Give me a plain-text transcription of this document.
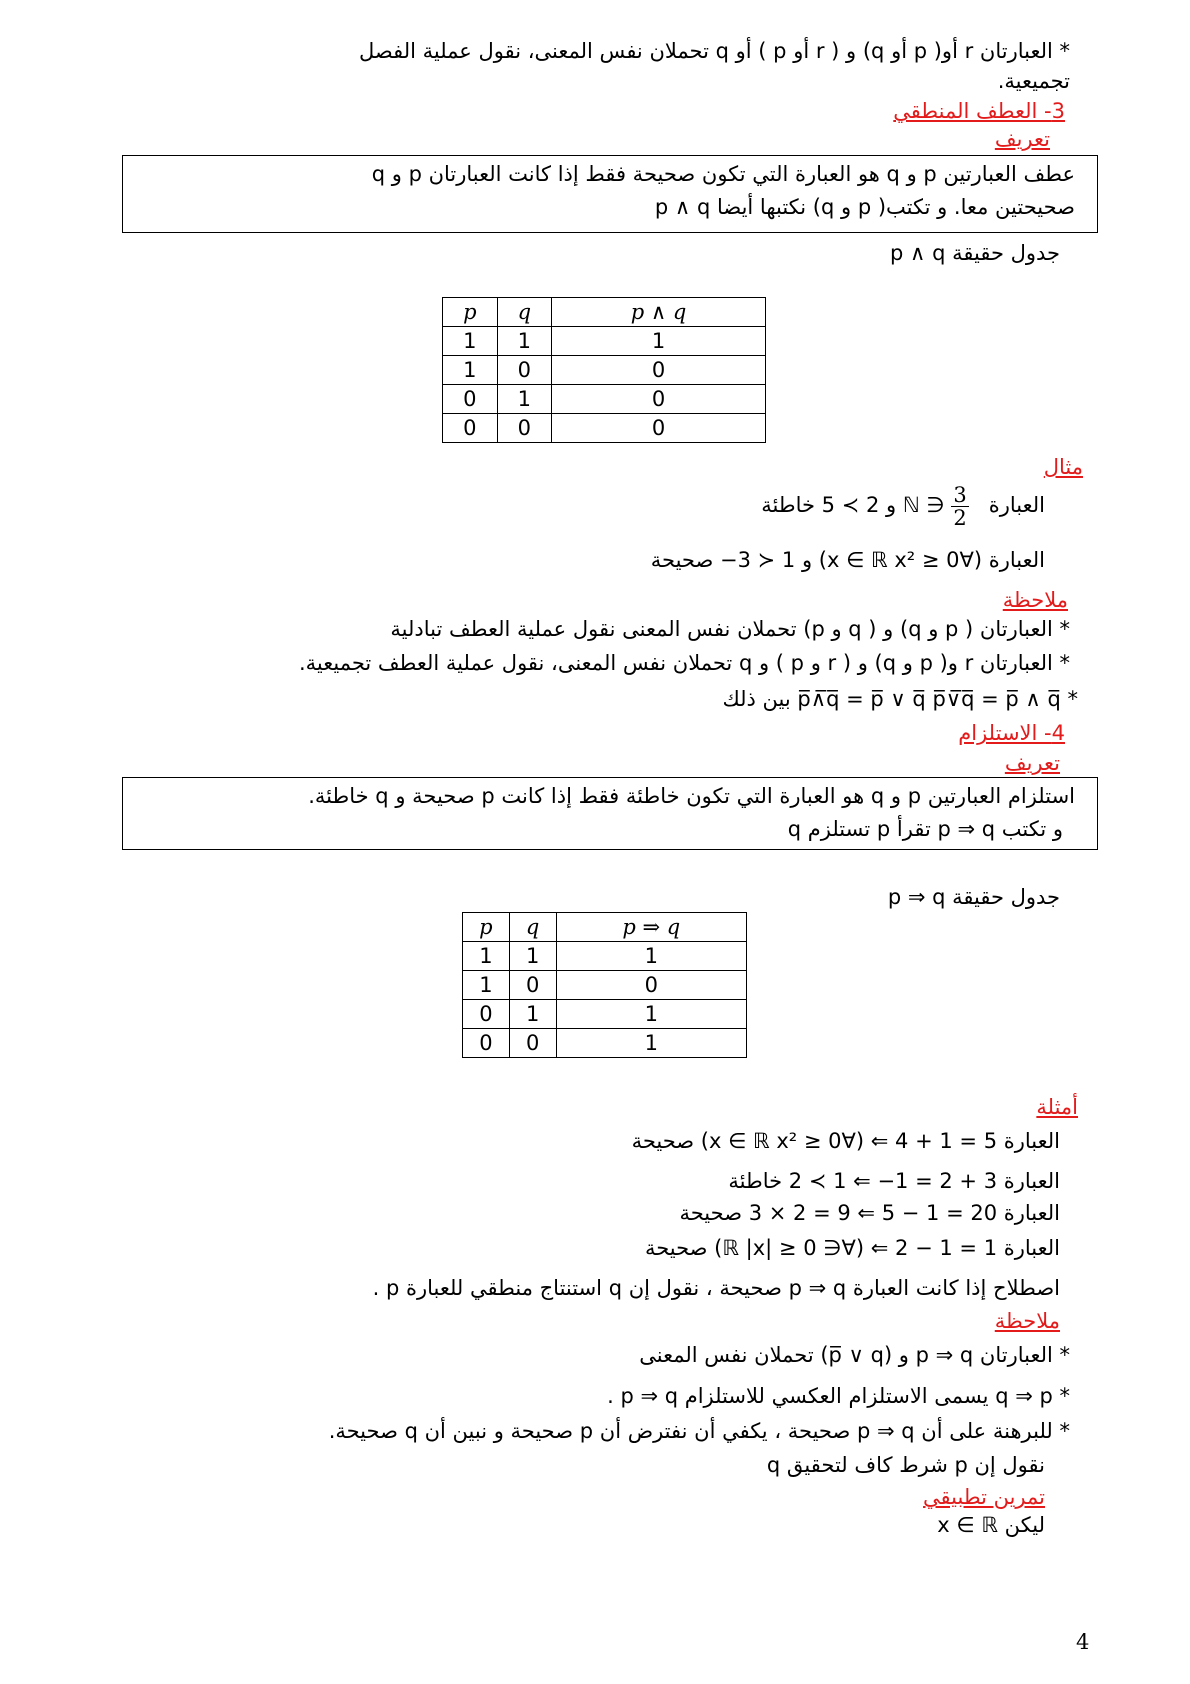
* العبارتان r أو( p أو q) و ( r أو p ) أو q تحملان نفس المعنى، نقول عملية الفصل
تجميعية.
3- العطف المنطقي
تعريف
عطف العبارتين p و q هو العبارة التي تكون صحيحة فقط إذا كانت العبارتان p و q
صحيحتين معا. و تكتب( p و q) نكتبها أيضا p ∧ q
جدول حقيقة p ∧ q
p	q	p ∧ q
1	1	1
1	0	0
0	1	0
0	0	0
مثال
العبارة
$\frac{3}{2}$
∈ ℕ و 2 ≻ 5 خاطئة
العبارة (∀x ∈ ℝ x² ≥ 0) و 1 ≺ 3− صحيحة
ملاحظة
* العبارتان ( p و q) و ( q و p) تحملان نفس المعنى نقول عملية العطف تبادلية
* العبارتان r و( p و q) و ( r و p ) و q تحملان نفس المعنى، نقول عملية العطف تجميعية.
* p̅∧̅q̅ = p̅ ∨ q̅ p̅∨̅q̅ = p̅ ∧ q̅ بين ذلك
4- الاستلزام
تعريف
استلزام العبارتين p و q هو العبارة التي تكون خاطئة فقط إذا كانت p صحيحة و q خاطئة.
و تكتب p ⇒ q تقرأ p تستلزم q
جدول حقيقة p ⇒ q
p	q	p ⇒ q
1	1	1
1	0	0
0	1	1
0	0	1
أمثلة
العبارة 5 = 1 + 4 ⇐ (∀x ∈ ℝ x² ≥ 0) صحيحة
العبارة 3 + 2 = 1− ⇐ 1 ≻ 2 خاطئة
العبارة 20 = 1 − 5 ⇐ 9 = 2 × 3 صحيحة
العبارة 1 = 1 − 2 ⇐ (∀∈ ℝ |x| ≥ 0) صحيحة
اصطلاح إذا كانت العبارة p ⇒ q صحيحة ، نقول إن q استنتاج منطقي للعبارة p .
ملاحظة
* العبارتان p ⇒ q و (p̅ ∨ q) تحملان نفس المعنى
* q ⇒ p يسمى الاستلزام العكسي للاستلزام p ⇒ q .
* للبرهنة على أن p ⇒ q صحيحة ، يكفي أن نفترض أن p صحيحة و نبين أن q صحيحة.
نقول إن p شرط كاف لتحقيق q
تمرين تطبيقي
ليكن x ∈ ℝ
4
